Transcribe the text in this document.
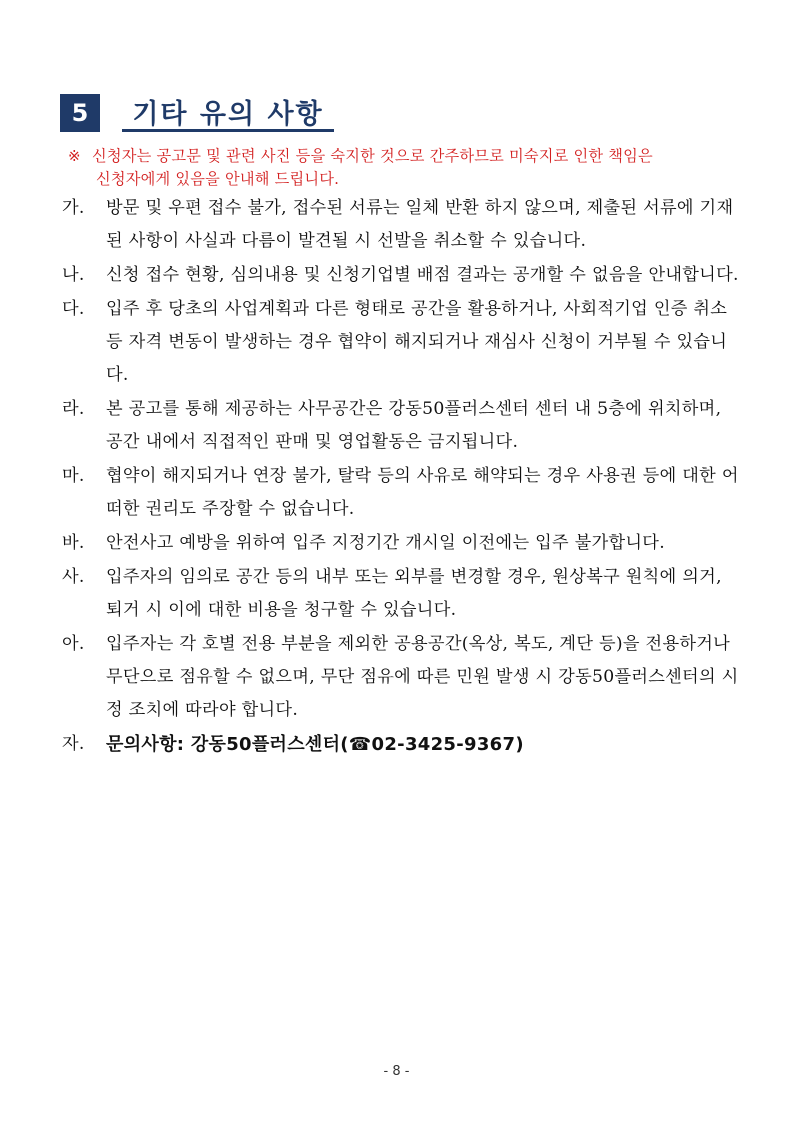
5	기타 유의 사항
※ 신청자는 공고문 및 관련 사진 등을 숙지한 것으로 간주하므로 미숙지로 인한 책임은
신청자에게 있음을 안내해 드립니다.
가. 방문 및 우편 접수 불가, 접수된 서류는 일체 반환 하지 않으며, 제출된 서류에 기재된 사항이 사실과 다름이 발견될 시 선발을 취소할 수 있습니다.
나. 신청 접수 현황, 심의내용 및 신청기업별 배점 결과는 공개할 수 없음을 안내합니다.
다. 입주 후 당초의 사업계획과 다른 형태로 공간을 활용하거나, 사회적기업 인증 취소 등 자격 변동이 발생하는 경우 협약이 해지되거나 재심사 신청이 거부될 수 있습니다.
라. 본 공고를 통해 제공하는 사무공간은 강동50플러스센터 센터 내 5층에 위치하며, 공간 내에서 직접적인 판매 및 영업활동은 금지됩니다.
마. 협약이 해지되거나 연장 불가, 탈락 등의 사유로 해약되는 경우 사용권 등에 대한 어떠한 권리도 주장할 수 없습니다.
바. 안전사고 예방을 위하여 입주 지정기간 개시일 이전에는 입주 불가합니다.
사. 입주자의 임의로 공간 등의 내부 또는 외부를 변경할 경우, 원상복구 원칙에 의거, 퇴거 시 이에 대한 비용을 청구할 수 있습니다.
아. 입주자는 각 호별 전용 부분을 제외한 공용공간(옥상, 복도, 계단 등)을 전용하거나 무단으로 점유할 수 없으며, 무단 점유에 따른 민원 발생 시 강동50플러스센터의 시정 조치에 따라야 합니다.
자. 문의사항: 강동50플러스센터(☎02-3425-9367)
- 8 -
